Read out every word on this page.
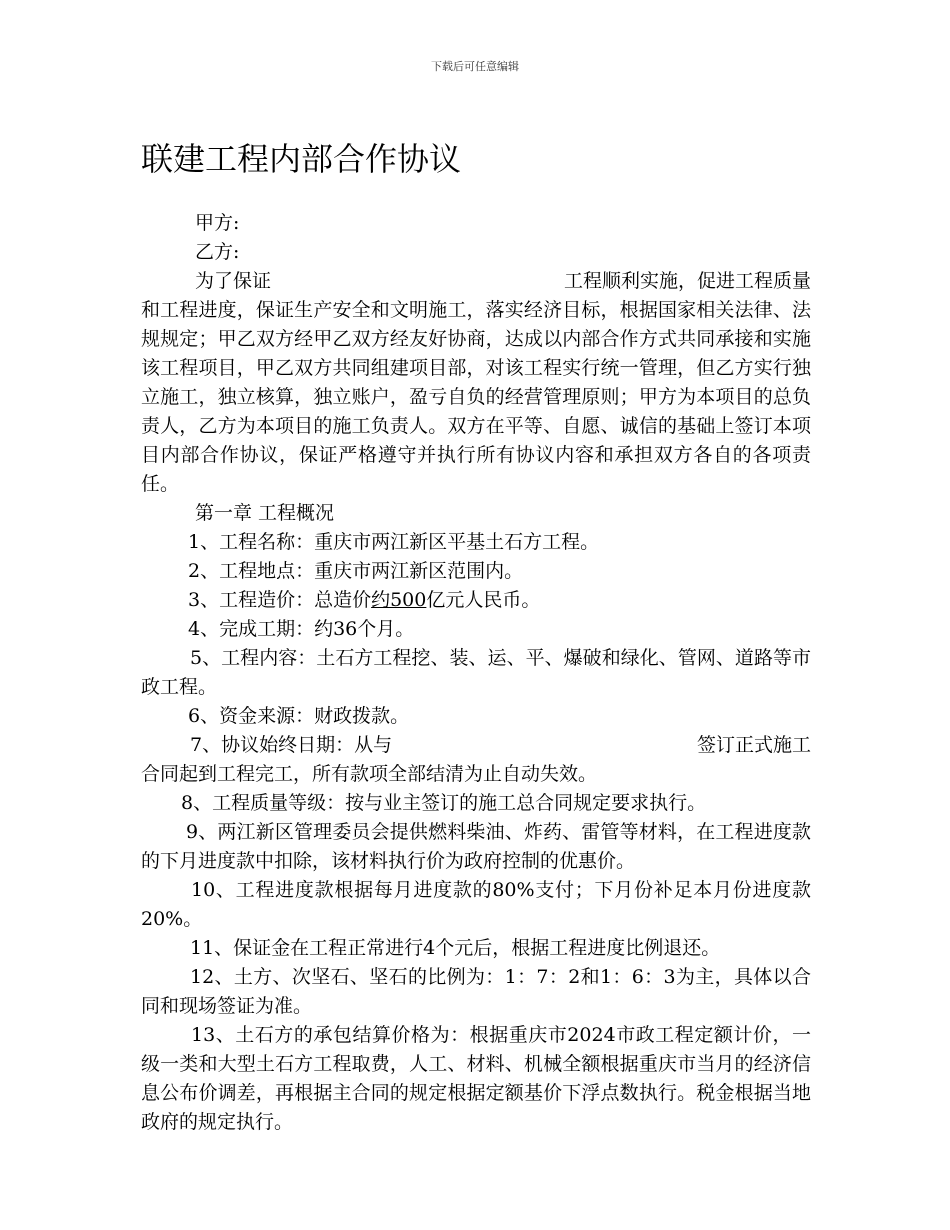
下载后可任意编辑
联建工程内部合作协议

甲方:

乙方:

为了保证	工程顺利实施，促进工程质量

和工程进度，保证生产安全和文明施工，落实经济目标，根据国家相关法律、法规规定；甲乙双方经甲乙双方经友好协商，达成以内部合作方式共同承接和实施该工程项目，甲乙双方共同组建项目部，对该工程实行统一管理，但乙方实行独立施工，独立核算，独立账户，盈亏自负的经营管理原则；甲方为本项目的总负责人，乙方为本项目的施工负责人。双方在平等、自愿、诚信的基础上签订本项目内部合作协议，保证严格遵守并执行所有协议内容和承担双方各自的各项责任。

第一章 工程概况

1、工程名称：重庆市两江新区平基土石方工程。

2、工程地点：重庆市两江新区范围内。

3、工程造价：总造价约500亿元人民币。

4、完成工期：约36个月。

5、工程内容：土石方工程挖、装、运、平、爆破和绿化、管网、道路等市政工程。

6、资金来源：财政拨款。

7、协议始终日期：从与	签订正式施工

合同起到工程完工，所有款项全部结清为止自动失效。

8、工程质量等级：按与业主签订的施工总合同规定要求执行。

9、两江新区管理委员会提供燃料柴油、炸药、雷管等材料，在工程进度款的下月进度款中扣除，该材料执行价为政府控制的优惠价。

10、工程进度款根据每月进度款的80%支付；下月份补足本月份进度款20%。

11、保证金在工程正常进行4个元后，根据工程进度比例退还。

12、土方、次坚石、坚石的比例为：1：7：2和1：6：3为主，具体以合同和现场签证为准。

13、土石方的承包结算价格为：根据重庆市2024市政工程定额计价，一级一类和大型土石方工程取费，人工、材料、机械全额根据重庆市当月的经济信息公布价调差，再根据主合同的规定根据定额基价下浮点数执行。税金根据当地政府的规定执行。
